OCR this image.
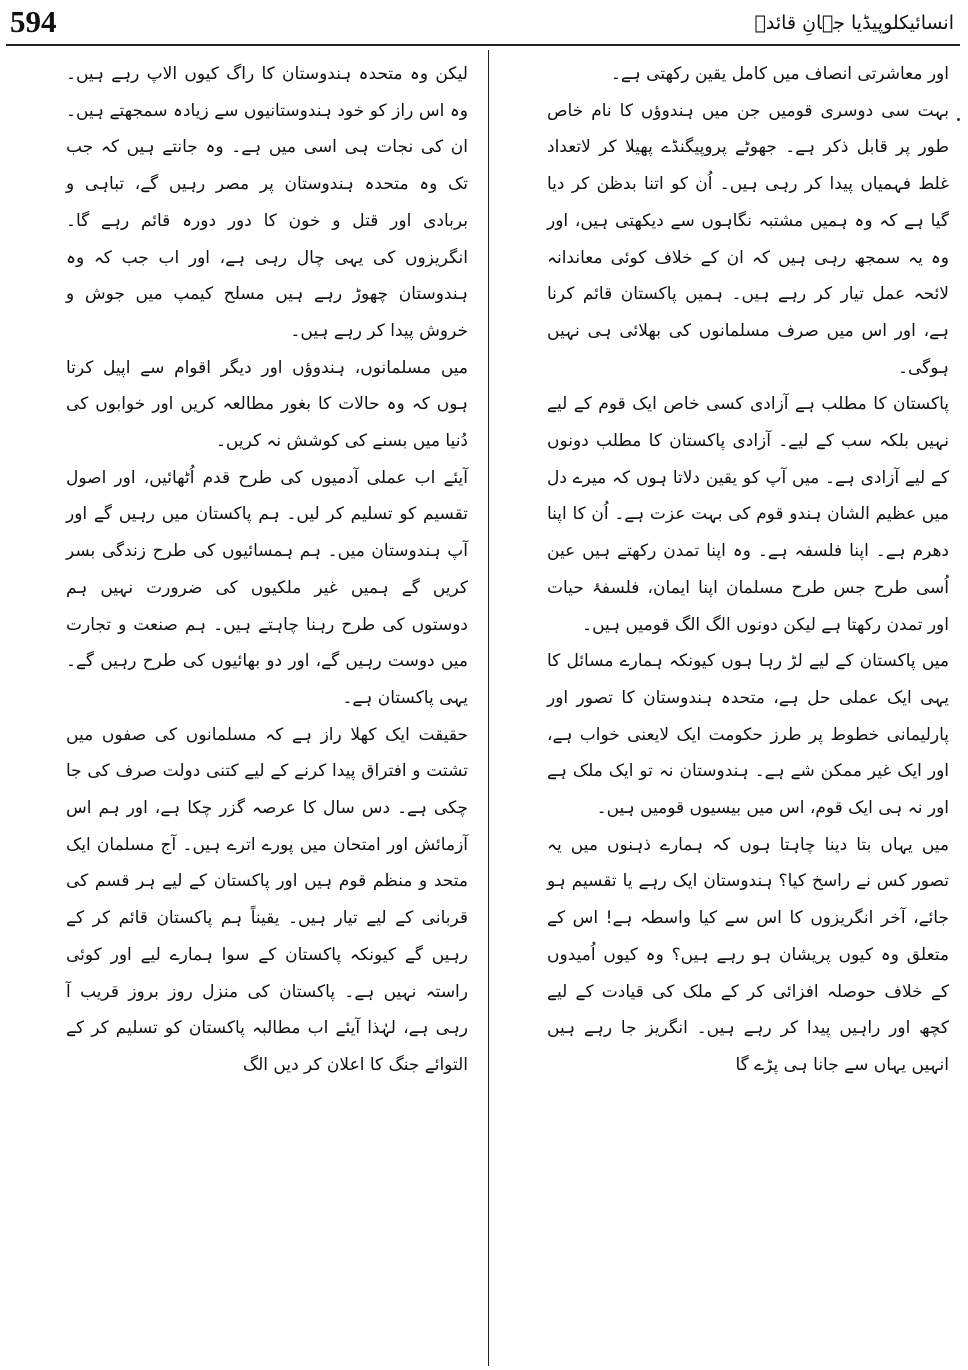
594	انسائیکلوپیڈیا جہانِ قائدؒ

اور معاشرتی انصاف میں کامل یقین رکھتی ہے۔

بہت سی دوسری قومیں جن میں ہندوؤں کا نام خاص طور پر قابل ذکر ہے۔ جھوٹے پروپیگنڈے پھیلا کر لاتعداد غلط فہمیاں پیدا کر رہی ہیں۔ اُن کو اتنا بدظن کر دیا گیا ہے کہ وہ ہمیں مشتبہ نگاہوں سے دیکھتی ہیں، اور وہ یہ سمجھ رہی ہیں کہ ان کے خلاف کوئی معاندانہ لائحہ عمل تیار کر رہے ہیں۔ ہمیں پاکستان قائم کرنا ہے، اور اس میں صرف مسلمانوں کی بھلائی ہی نہیں ہوگی۔

پاکستان کا مطلب ہے آزادی کسی خاص ایک قوم کے لیے نہیں بلکہ سب کے لیے۔ آزادی پاکستان کا مطلب دونوں کے لیے آزادی ہے۔ میں آپ کو یقین دلاتا ہوں کہ میرے دل میں عظیم الشان ہندو قوم کی بہت عزت ہے۔ اُن کا اپنا دھرم ہے۔ اپنا فلسفہ ہے۔ وہ اپنا تمدن رکھتے ہیں عین اُسی طرح جس طرح مسلمان اپنا ایمان، فلسفۂ حیات اور تمدن رکھتا ہے لیکن دونوں الگ الگ قومیں ہیں۔

میں پاکستان کے لیے لڑ رہا ہوں کیونکہ ہمارے مسائل کا یہی ایک عملی حل ہے، متحدہ ہندوستان کا تصور اور پارلیمانی خطوط پر طرز حکومت ایک لایعنی خواب ہے، اور ایک غیر ممکن شے ہے۔ ہندوستان نہ تو ایک ملک ہے اور نہ ہی ایک قوم، اس میں بیسیوں قومیں ہیں۔

میں یہاں بتا دینا چاہتا ہوں کہ ہمارے ذہنوں میں یہ تصور کس نے راسخ کیا؟ ہندوستان ایک رہے یا تقسیم ہو جائے، آخر انگریزوں کا اس سے کیا واسطہ ہے! اس کے متعلق وہ کیوں پریشان ہو رہے ہیں؟ وہ کیوں اُمیدوں کے خلاف حوصلہ افزائی کر کے ملک کی قیادت کے لیے کچھ اور راہیں پیدا کر رہے ہیں۔ انگریز جا رہے ہیں انہیں یہاں سے جانا ہی پڑے گا

لیکن وہ متحدہ ہندوستان کا راگ کیوں الاپ رہے ہیں۔ وہ اس راز کو خود ہندوستانیوں سے زیادہ سمجھتے ہیں۔ ان کی نجات ہی اسی میں ہے۔ وہ جانتے ہیں کہ جب تک وہ متحدہ ہندوستان پر مصر رہیں گے، تباہی و بربادی اور قتل و خون کا دور دورہ قائم رہے گا۔ انگریزوں کی یہی چال رہی ہے، اور اب جب کہ وہ ہندوستان چھوڑ رہے ہیں مسلح کیمپ میں جوش و خروش پیدا کر رہے ہیں۔

میں مسلمانوں، ہندوؤں اور دیگر اقوام سے اپیل کرتا ہوں کہ وہ حالات کا بغور مطالعہ کریں اور خوابوں کی دُنیا میں بسنے کی کوشش نہ کریں۔

آیئے اب عملی آدمیوں کی طرح قدم اُٹھائیں، اور اصول تقسیم کو تسلیم کر لیں۔ ہم پاکستان میں رہیں گے اور آپ ہندوستان میں۔ ہم ہمسائیوں کی طرح زندگی بسر کریں گے ہمیں غیر ملکیوں کی ضرورت نہیں ہم دوستوں کی طرح رہنا چاہتے ہیں۔ ہم صنعت و تجارت میں دوست رہیں گے، اور دو بھائیوں کی طرح رہیں گے۔ یہی پاکستان ہے۔

حقیقت ایک کھلا راز ہے کہ مسلمانوں کی صفوں میں تشتت و افتراق پیدا کرنے کے لیے کتنی دولت صرف کی جا چکی ہے۔ دس سال کا عرصہ گزر چکا ہے، اور ہم اس آزمائش اور امتحان میں پورے اترے ہیں۔ آج مسلمان ایک متحد و منظم قوم ہیں اور پاکستان کے لیے ہر قسم کی قربانی کے لیے تیار ہیں۔ یقیناً ہم پاکستان قائم کر کے رہیں گے کیونکہ پاکستان کے سوا ہمارے لیے اور کوئی راستہ نہیں ہے۔ پاکستان کی منزل روز بروز قریب آ رہی ہے، لہٰذا آیئے اب مطالبہ پاکستان کو تسلیم کر کے التوائے جنگ کا اعلان کر دیں الگ
